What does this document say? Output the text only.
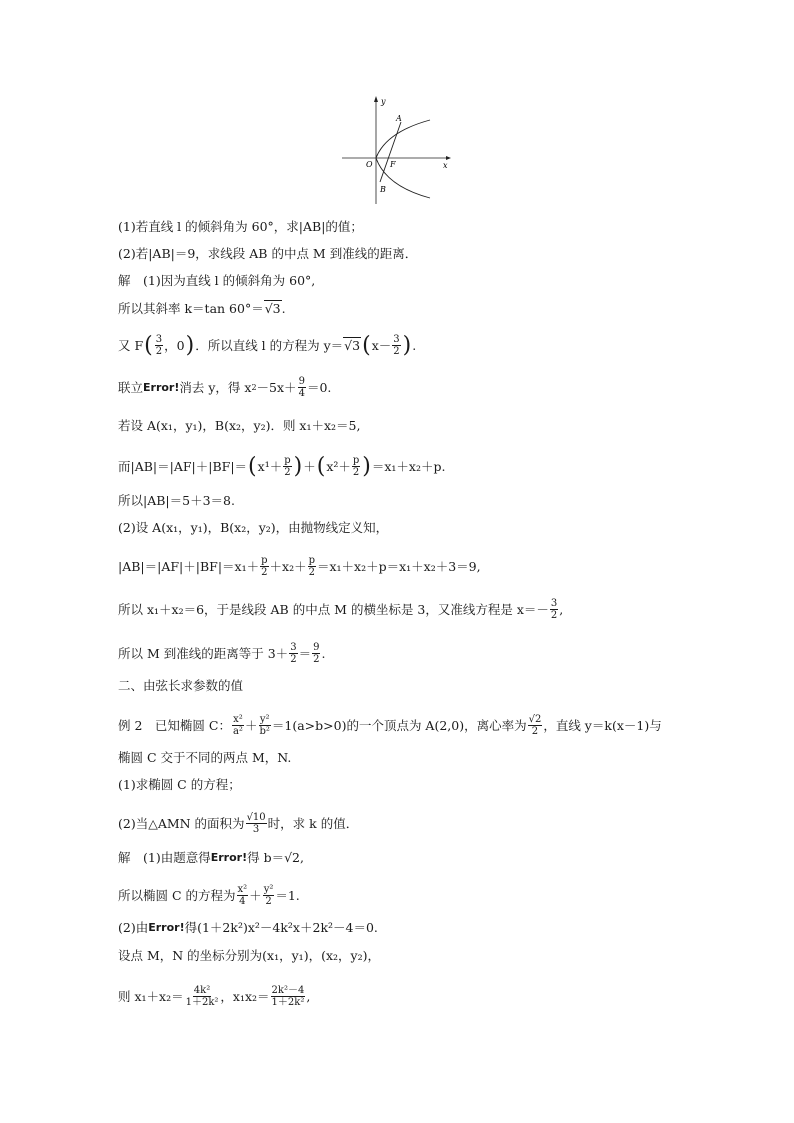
y
x
A
O F
B
(1)若直线 l 的倾斜角为 60°，求|AB|的值；
(2)若|AB|＝9，求线段 AB 的中点 M 到准线的距离．
解　(1)因为直线 l 的倾斜角为 60°,
所以其斜率 k＝tan 60°＝ √3 .
又 F ( $\frac{3}{2}$ ， 0 ) ．所以直线 l 的方程为 y＝ √3 ( $x- \frac{3}{2}$ ) .
联立 Error! 消去 y，得 x $2 -5x+ \frac{9}{4} =0$.
若设 A(x₁，y₁)，B(x₂，y₂)．则 x₁＋x₂＝5,
而|AB|＝|AF|＋|BF|＝ ( $x^1+ \frac{p}{2}$ ) ＋ ( $x^2+ \frac{p}{2}$ ) ＝x₁＋x₂＋p.
所以|AB|＝5＋3＝8.
(2)设 A(x₁，y₁)，B(x₂，y₂)，由抛物线定义知，
$|AB|=|AF|+|BF|=x_1+ \frac{p}{2} +x_2+ \frac{p}{2} =x_1+x_2+p=x_1+x_2+3=9$,
所以 x₁＋x₂＝6，于是线段 AB 的中点 M 的横坐标是 3，又准线方程是 $x=- \frac{3}{2}$ ,
所以 M 到准线的距离等于 $3+ \frac{3}{2} = \frac{9}{2}$ .
二、由弦长求参数的值
例 2　已知椭圆 C： $\frac{\text{x²}}{\text{a²}} + \frac{\text{y²}}{\text{b²}} =1(a>b>0)$的一个顶点为 A(2,0)，离心率为 $\frac{√2}{2}$ ，直线 y＝k(x－1)与
椭圆 C 交于不同的两点 M，N.
(1)求椭圆 C 的方程；
(2)当△AMN 的面积为 $\frac{√10}{3}$ 时，求 k 的值．
解　(1)由题意得 Error! 得 b＝√2,
所以椭圆 C 的方程为 $\frac{\text{x²}}{4} + \frac{\text{y²}}{2} =1$.
(2)由 Error! 得(1＋2k²)x²－4k²x＋2k²－4＝0.
设点 M，N 的坐标分别为(x₁，y₁)，(x₂，y₂)，
则 $x_1+x_2= \frac{\text{4k²}}{\text{1＋2k²}}$ ，$x_1x_2= \frac{\text{2k²－4}}{\text{1＋2k²}}$ ,
